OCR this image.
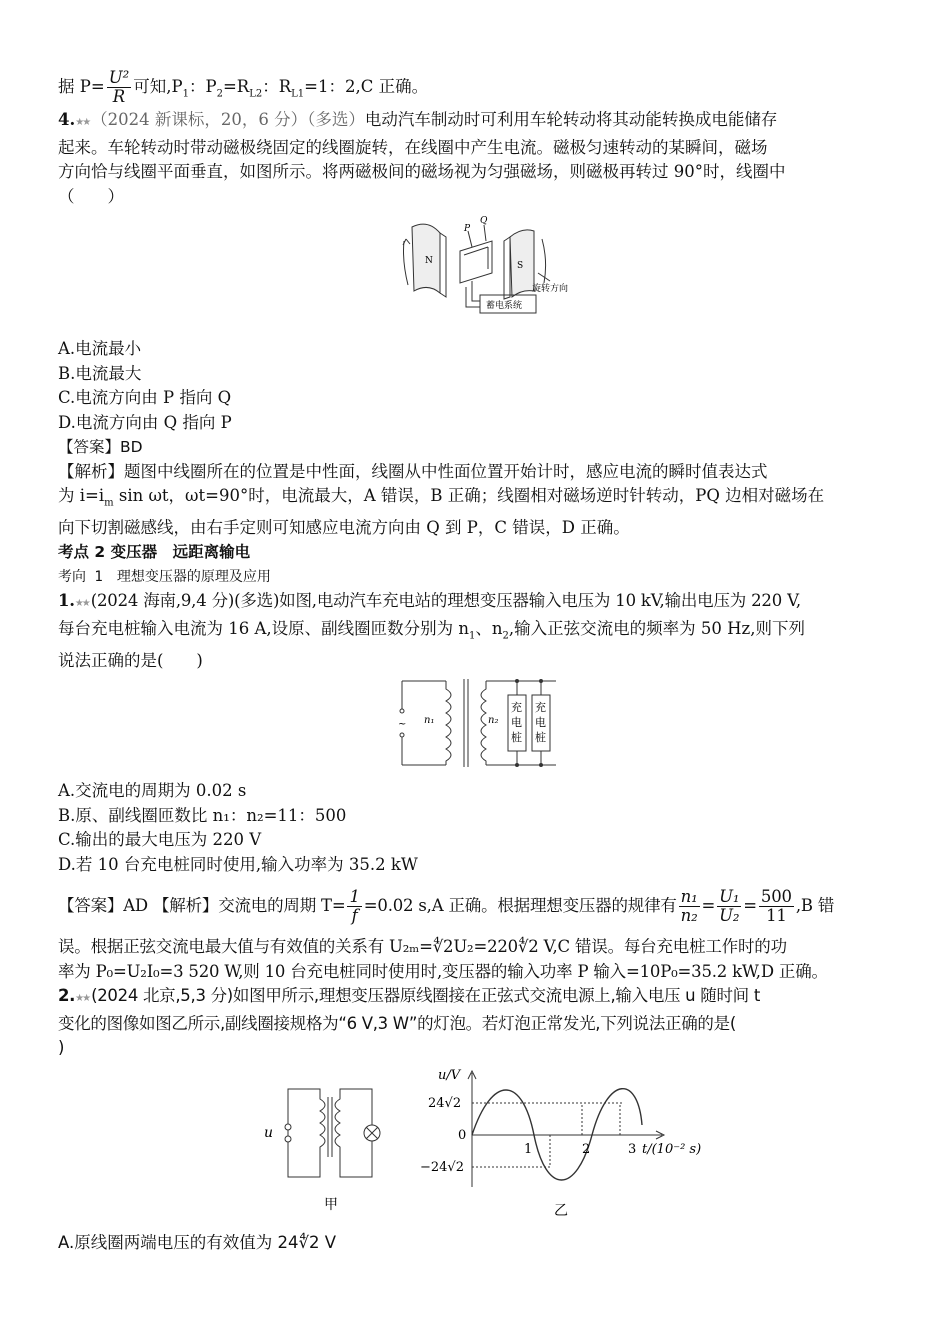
据 $P= \frac{\text{U²}}{R}$ 可知$,P_1$：$P_2=R_{L2}$：$R_{L1}=1$：2,C 正确。

4.★★ （2024 新课标，20，6 分）（多选）电动汽车制动时可利用车轮转动将其动能转换成电能储存

起来。车轮转动时带动磁极绕固定的线圈旋转，在线圈中产生电流。磁极匀速转动的某瞬间，磁场

方向恰与线圈平面垂直，如图所示。将两磁极间的磁场视为匀强磁场，则磁极再转过 90°时，线圈中

（　　）

N	S
P
Q
旋转方向
蓄电系统

A.电流最小

B.电流最大

C.电流方向由 P 指向 Q

D.电流方向由 Q 指向 P

【答案】BD

【解析】题图中线圈所在的位置是中性面，线圈从中性面位置开始计时，感应电流的瞬时值表达式

为 $i=i_m$ sin ωt，ωt=90°时，电流最大，A 错误，B 正确；线圈相对磁场逆时针转动，PQ 边相对磁场在

向下切割磁感线，由右手定则可知感应电流方向由 Q 到 P，C 错误，D 正确。

考点 2 变压器　远距离输电

考向 1　理想变压器的原理及应用

1.★★ (2024 海南,9,4 分)(多选)如图,电动汽车充电站的理想变压器输入电压为 10 kV,输出电压为 220 V,

每台充电桩输入电流为 16 A,设原、副线圈匝数分别为 $n_1$、$n_2$,输入正弦交流电的频率为 50 Hz,则下列

说法正确的是(　　)

~ n₁	n₂
充
电
桩
充
电
桩

A.交流电的周期为 0.02 s

B.原、副线圈匝数比 n₁：n₂=11：500

C.输出的最大电压为 220 V

D.若 10 台充电桩同时使用,输入功率为 35.2 kW

【答案】AD 【解析】交流电的周期 $T= \frac{1}{f} =0.02$ s,A 正确。根据理想变压器的规律有 $\frac{\text{n₁}}{\text{n₂}} = \frac{\text{U₁}}{\text{U₂}} = \frac{500}{11} ,B$ 错

误。根据正弦交流电最大值与有效值的关系有 U₂ₘ=∜2U₂=220∜2 V,C 错误。每台充电桩工作时的功

率为 P₀=U₂I₀=3 520 W,则 10 台充电桩同时使用时,变压器的输入功率 P 输入=10P₀=35.2 kW,D 正确。

2.★★ (2024 北京,5,3 分)如图甲所示,理想变压器原线圈接在正弦式交流电源上,输入电压 u 随时间 t

变化的图像如图乙所示,副线圈接规格为“6 V,3 W”的灯泡。若灯泡正常发光,下列说法正确的是(

)

u
甲	乙
u/V
24√2
0
−24√2
1	2	3 t/(10⁻² s)

A.原线圈两端电压的有效值为 24∜2 V
